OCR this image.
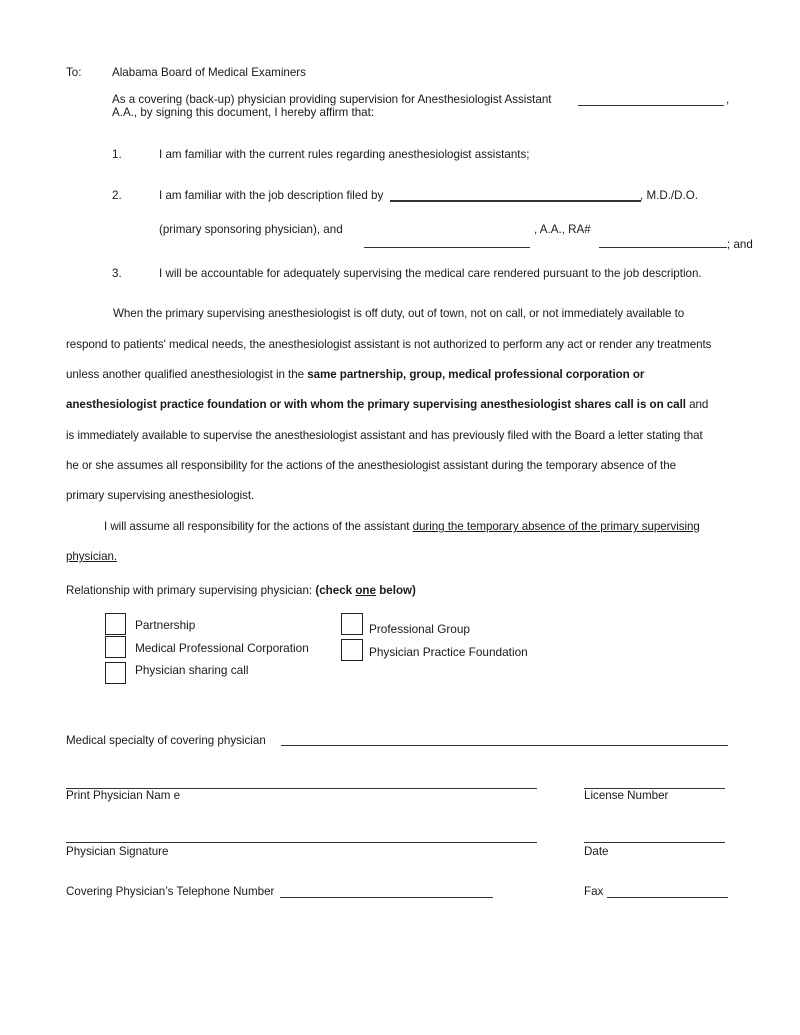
To:	Alabama Board of Medical Examiners
As a covering (back-up) physician providing supervision for Anesthesiologist Assistant	,
A.A., by signing this document, I hereby affirm that:
1.	I am familiar with the current rules regarding anesthesiologist assistants;
2.	I am familiar with the job description filed by	, M.D./D.O.
(primary sponsoring physician), and	, A.A., RA#
; and
3.	I will be accountable for adequately supervising the medical care rendered pursuant to the job description.
When the primary supervising anesthesiologist is off duty, out of town, not on call, or not immediately available to
respond to patients' medical needs, the anesthesiologist assistant is not authorized to perform any act or render any treatments
unless another qualified anesthesiologist in the same partnership, group, medical professional corporation or
anesthesiologist practice foundation or with whom the primary supervising anesthesiologist shares call is on call and
is immediately available to supervise the anesthesiologist assistant and has previously filed with the Board a letter stating that
he or she assumes all responsibility for the actions of the anesthesiologist assistant during the temporary absence of the
primary supervising anesthesiologist.
I will assume all responsibility for the actions of the assistant during the temporary absence of the primary supervising
physician.
Relationship with primary supervising physician: (check one below)
Partnership
Medical Professional Corporation
Physician sharing call
Professional Group
Physician Practice Foundation
Medical specialty of covering physician
Print Physician Nam e	License Number
Physician Signature	Date
Covering Physician’s Telephone Number	Fax
